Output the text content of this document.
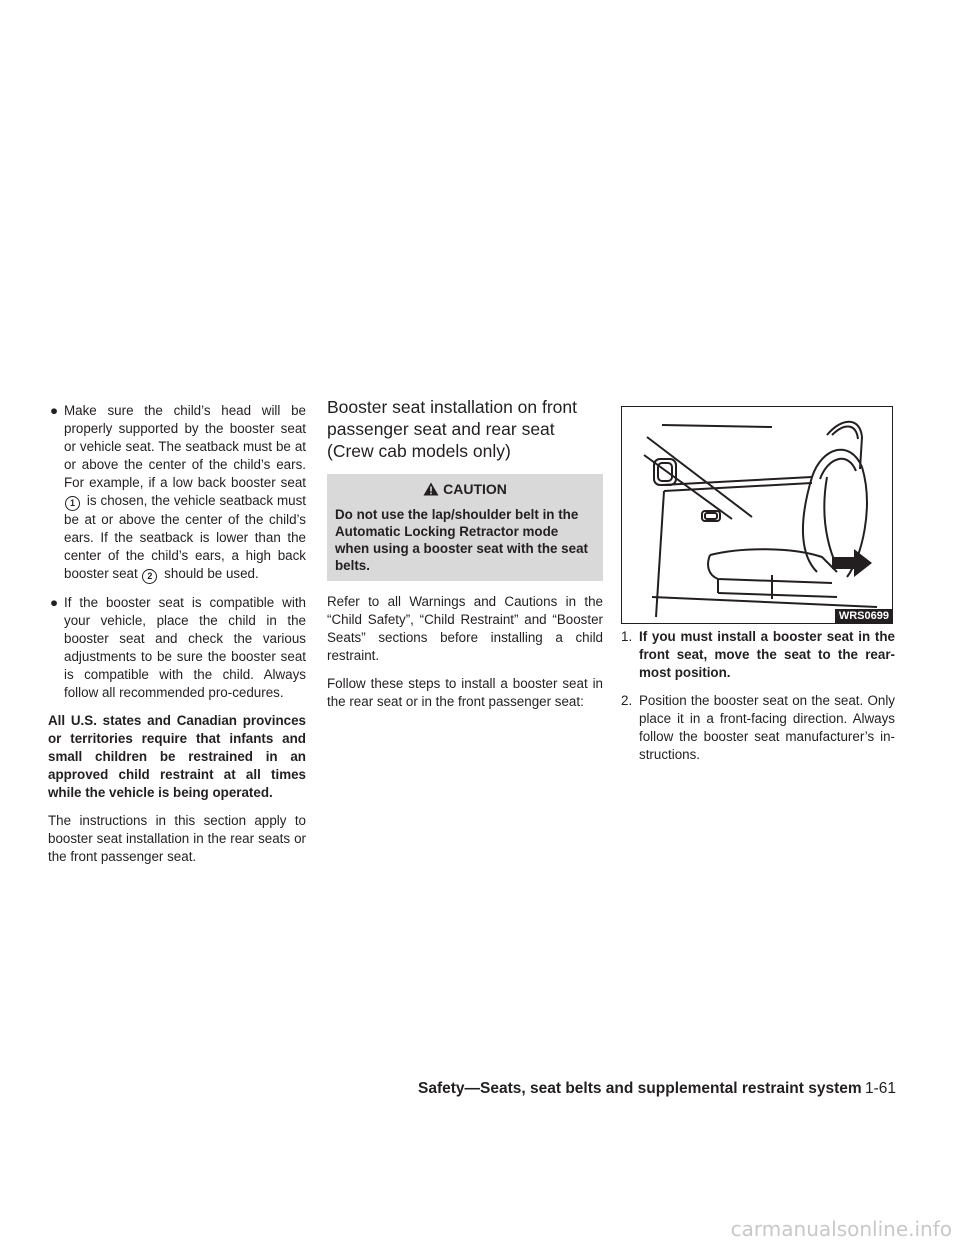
● Make sure the child’s head will be properly supported by the booster seat or vehicle seat. The seatback must be at or above the center of the child’s ears. For example, if a low back booster seat 1 is chosen, the vehicle seatback must be at or above the center of the child’s ears. If the seatback is lower than the center of the child’s ears, a high back booster seat 2 should be used.
● If the booster seat is compatible with your vehicle, place the child in the booster seat and check the various adjustments to be sure the booster seat is compatible with the child. Always follow all recommended pro-cedures.

All U.S. states and Canadian provinces or territories require that infants and small children be restrained in an approved child restraint at all times while the vehicle is being operated.

The instructions in this section apply to booster seat installation in the rear seats or the front passenger seat.

Booster seat installation on front passenger seat and rear seat (Crew cab models only)
CAUTION
Do not use the lap/shoulder belt in the Automatic Locking Retractor mode when using a booster seat with the seat belts.

Refer to all Warnings and Cautions in the “Child Safety”, “Child Restraint” and “Booster Seats” sections before installing a child restraint.

Follow these steps to install a booster seat in the rear seat or in the front passenger seat:

WRS0699
1. If you must install a booster seat in the front seat, move the seat to the rear-most position.
2. Position the booster seat on the seat. Only place it in a front-facing direction. Always follow the booster seat manufacturer’s in-structions.
Safety—Seats, seat belts and supplemental restraint system 1-61
carmanualsonline.info
